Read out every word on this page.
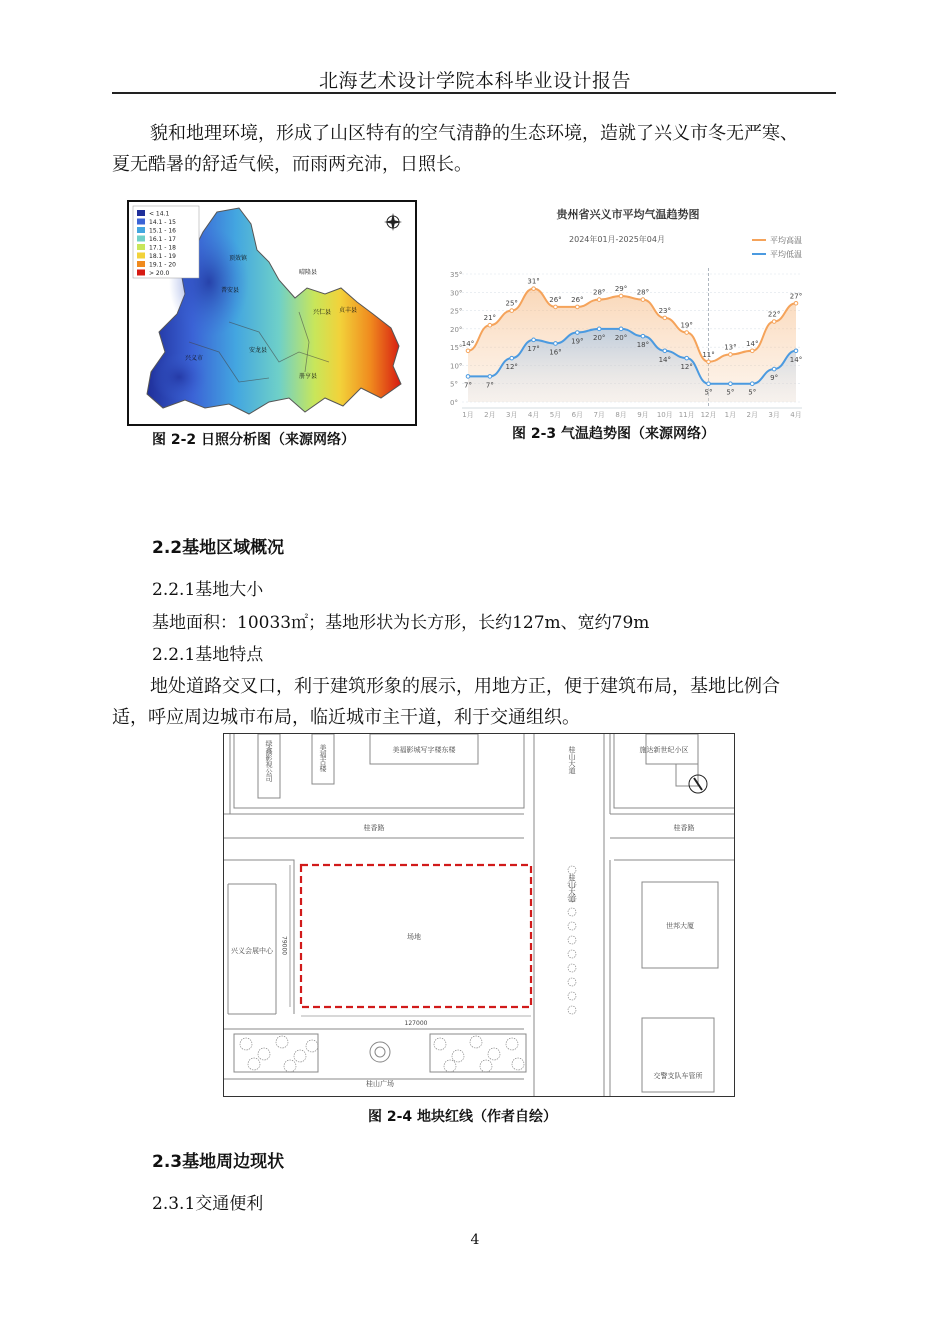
北海艺术设计学院本科毕业设计报告
貌和地理环境，形成了山区特有的空气清静的生态环境，造就了兴义市冬无严寒、
夏无酷暑的舒适气候，而雨两充沛，日照长。
< 14.1
14.1 - 15
15.1 - 16
16.1 - 17
17.1 - 18
18.1 - 19
19.1 - 20
> 20.0
顶效镇
兴义市
安龙县
兴仁县
普安县
贞丰县
晴隆县
册亨县
图 2-2 日照分析图（来源网络）
贵州省兴义市平均气温趋势图
2024年01月-2025年04月	平均高温
平均低温
0°
5°
10°
15°
20°
25°
30°
35°
14°
21°
25°
31°
26° 26°
28° 29° 28°
23°
19°
11°
13° 14°
22°
27°
7° 7°
12°
17° 16°
19° 20° 20°
18°
14°
12°
5° 5° 5°
9°
14°
1月 2月 3月 4月 5月 6月 7月 8月 9月 10月 11月 12月 1月 2月 3月 4月
图 2-3 气温趋势图（来源网络）
2.2基地区域概况
2.2.1基地大小
基地面积：10033㎡；基地形状为长方形，长约127m、宽约79m
2.2.1基地特点
地处道路交叉口，利于建筑形象的展示，用地方正，便于建筑布局，基地比例合
适，呼应周边城市布局，临近城市主干道，利于交通组织。
绿鑫影视公司	美福古楼	美福影城写字楼东楼	桂山大道	施达新世纪小区
桂香路	桂香路
兴义会展中心
场地
桂山大道
世邦大厦
桂山广场
交警支队车管所
79000
127000
图 2-4 地块红线（作者自绘）
2.3基地周边现状
2.3.1交通便利
4
